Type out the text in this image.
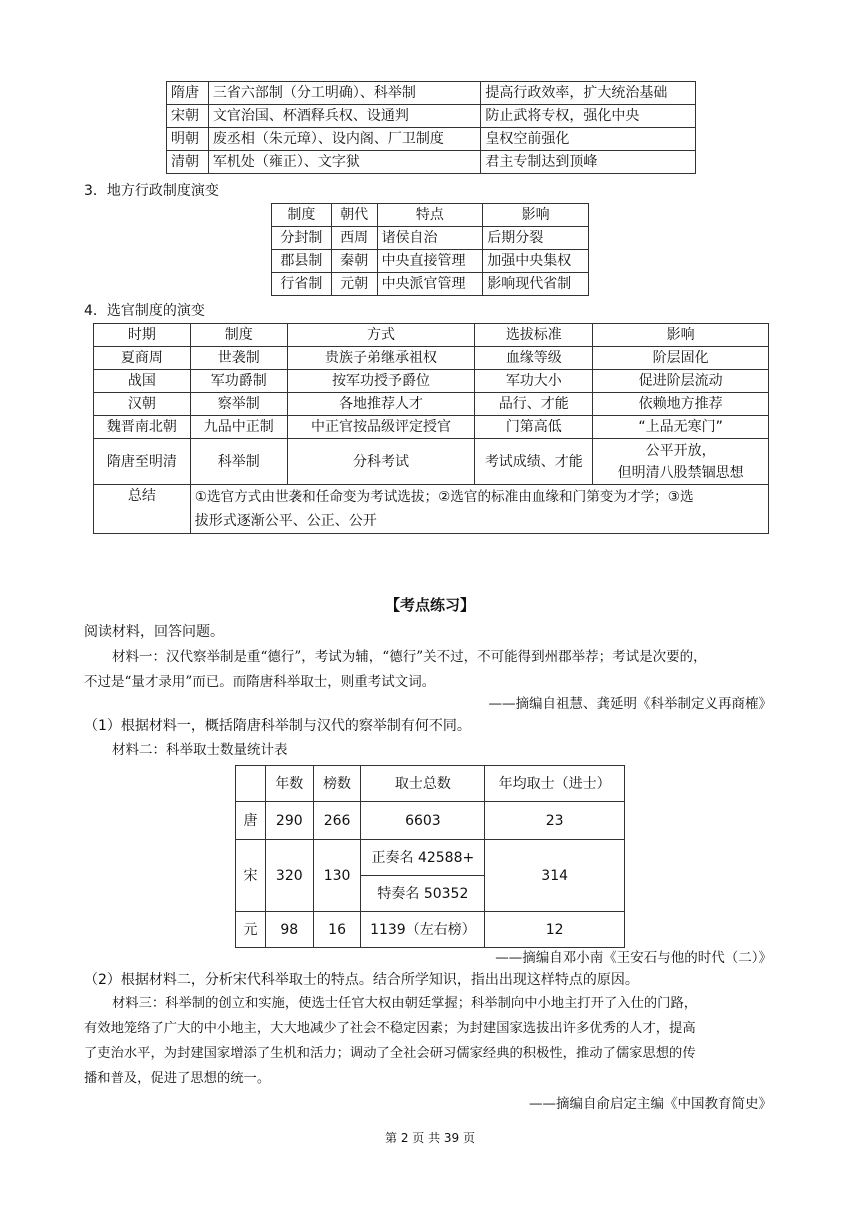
隋唐	三省六部制（分工明确）、科举制	提高行政效率，扩大统治基础
宋朝	文官治国、杯酒释兵权、设通判	防止武将专权，强化中央
明朝	废丞相（朱元璋）、设内阁、厂卫制度	皇权空前强化
清朝	军机处（雍正）、文字狱	君主专制达到顶峰
3．地方行政制度演变
制度	朝代	特点	影响
分封制	西周	诸侯自治	后期分裂
郡县制	秦朝	中央直接管理	加强中央集权
行省制	元朝	中央派官管理	影响现代省制
4．选官制度的演变
时期	制度	方式	选拔标准	影响
夏商周	世袭制	贵族子弟继承祖权	血缘等级	阶层固化
战国	军功爵制	按军功授予爵位	军功大小	促进阶层流动
汉朝	察举制	各地推荐人才	品行、才能	依赖地方推荐
魏晋南北朝	九品中正制	中正官按品级评定授官	门第高低	“上品无寒门”
隋唐至明清	科举制	分科考试	考试成绩、才能	公平开放，
但明清八股禁锢思想

总结	①选官方式由世袭和任命变为考试选拔；②选官的标准由血缘和门第变为才学；③选
拔形式逐渐公平、公正、公开			
【考点练习】
阅读材料，回答问题。
材料一：汉代察举制是重“德行”，考试为辅，“德行”关不过，不可能得到州郡举荐；考试是次要的，
不过是“量才录用”而已。而隋唐科举取士，则重考试文词。
——摘编自祖慧、龚延明《科举制定义再商榷》
（1）根据材料一，概括隋唐科举制与汉代的察举制有何不同。
材料二：科举取士数量统计表
	年数	榜数	取士总数	年均取士（进士）
唐	290	266	6603	23
宋	320	130	正奏名 42588+	314
			特奏名 50352	
元	98	16	1139（左右榜）	12
——摘编自邓小南《王安石与他的时代（二）》
（2）根据材料二，分析宋代科举取士的特点。结合所学知识，指出出现这样特点的原因。
材料三：科举制的创立和实施，使选士任官大权由朝廷掌握；科举制向中小地主打开了入仕的门路，
有效地笼络了广大的中小地主，大大地减少了社会不稳定因素；为封建国家选拔出许多优秀的人才，提高
了吏治水平，为封建国家增添了生机和活力；调动了全社会研习儒家经典的积极性，推动了儒家思想的传
播和普及，促进了思想的统一。
——摘编自俞启定主编《中国教育简史》
第 2 页 共 39 页
